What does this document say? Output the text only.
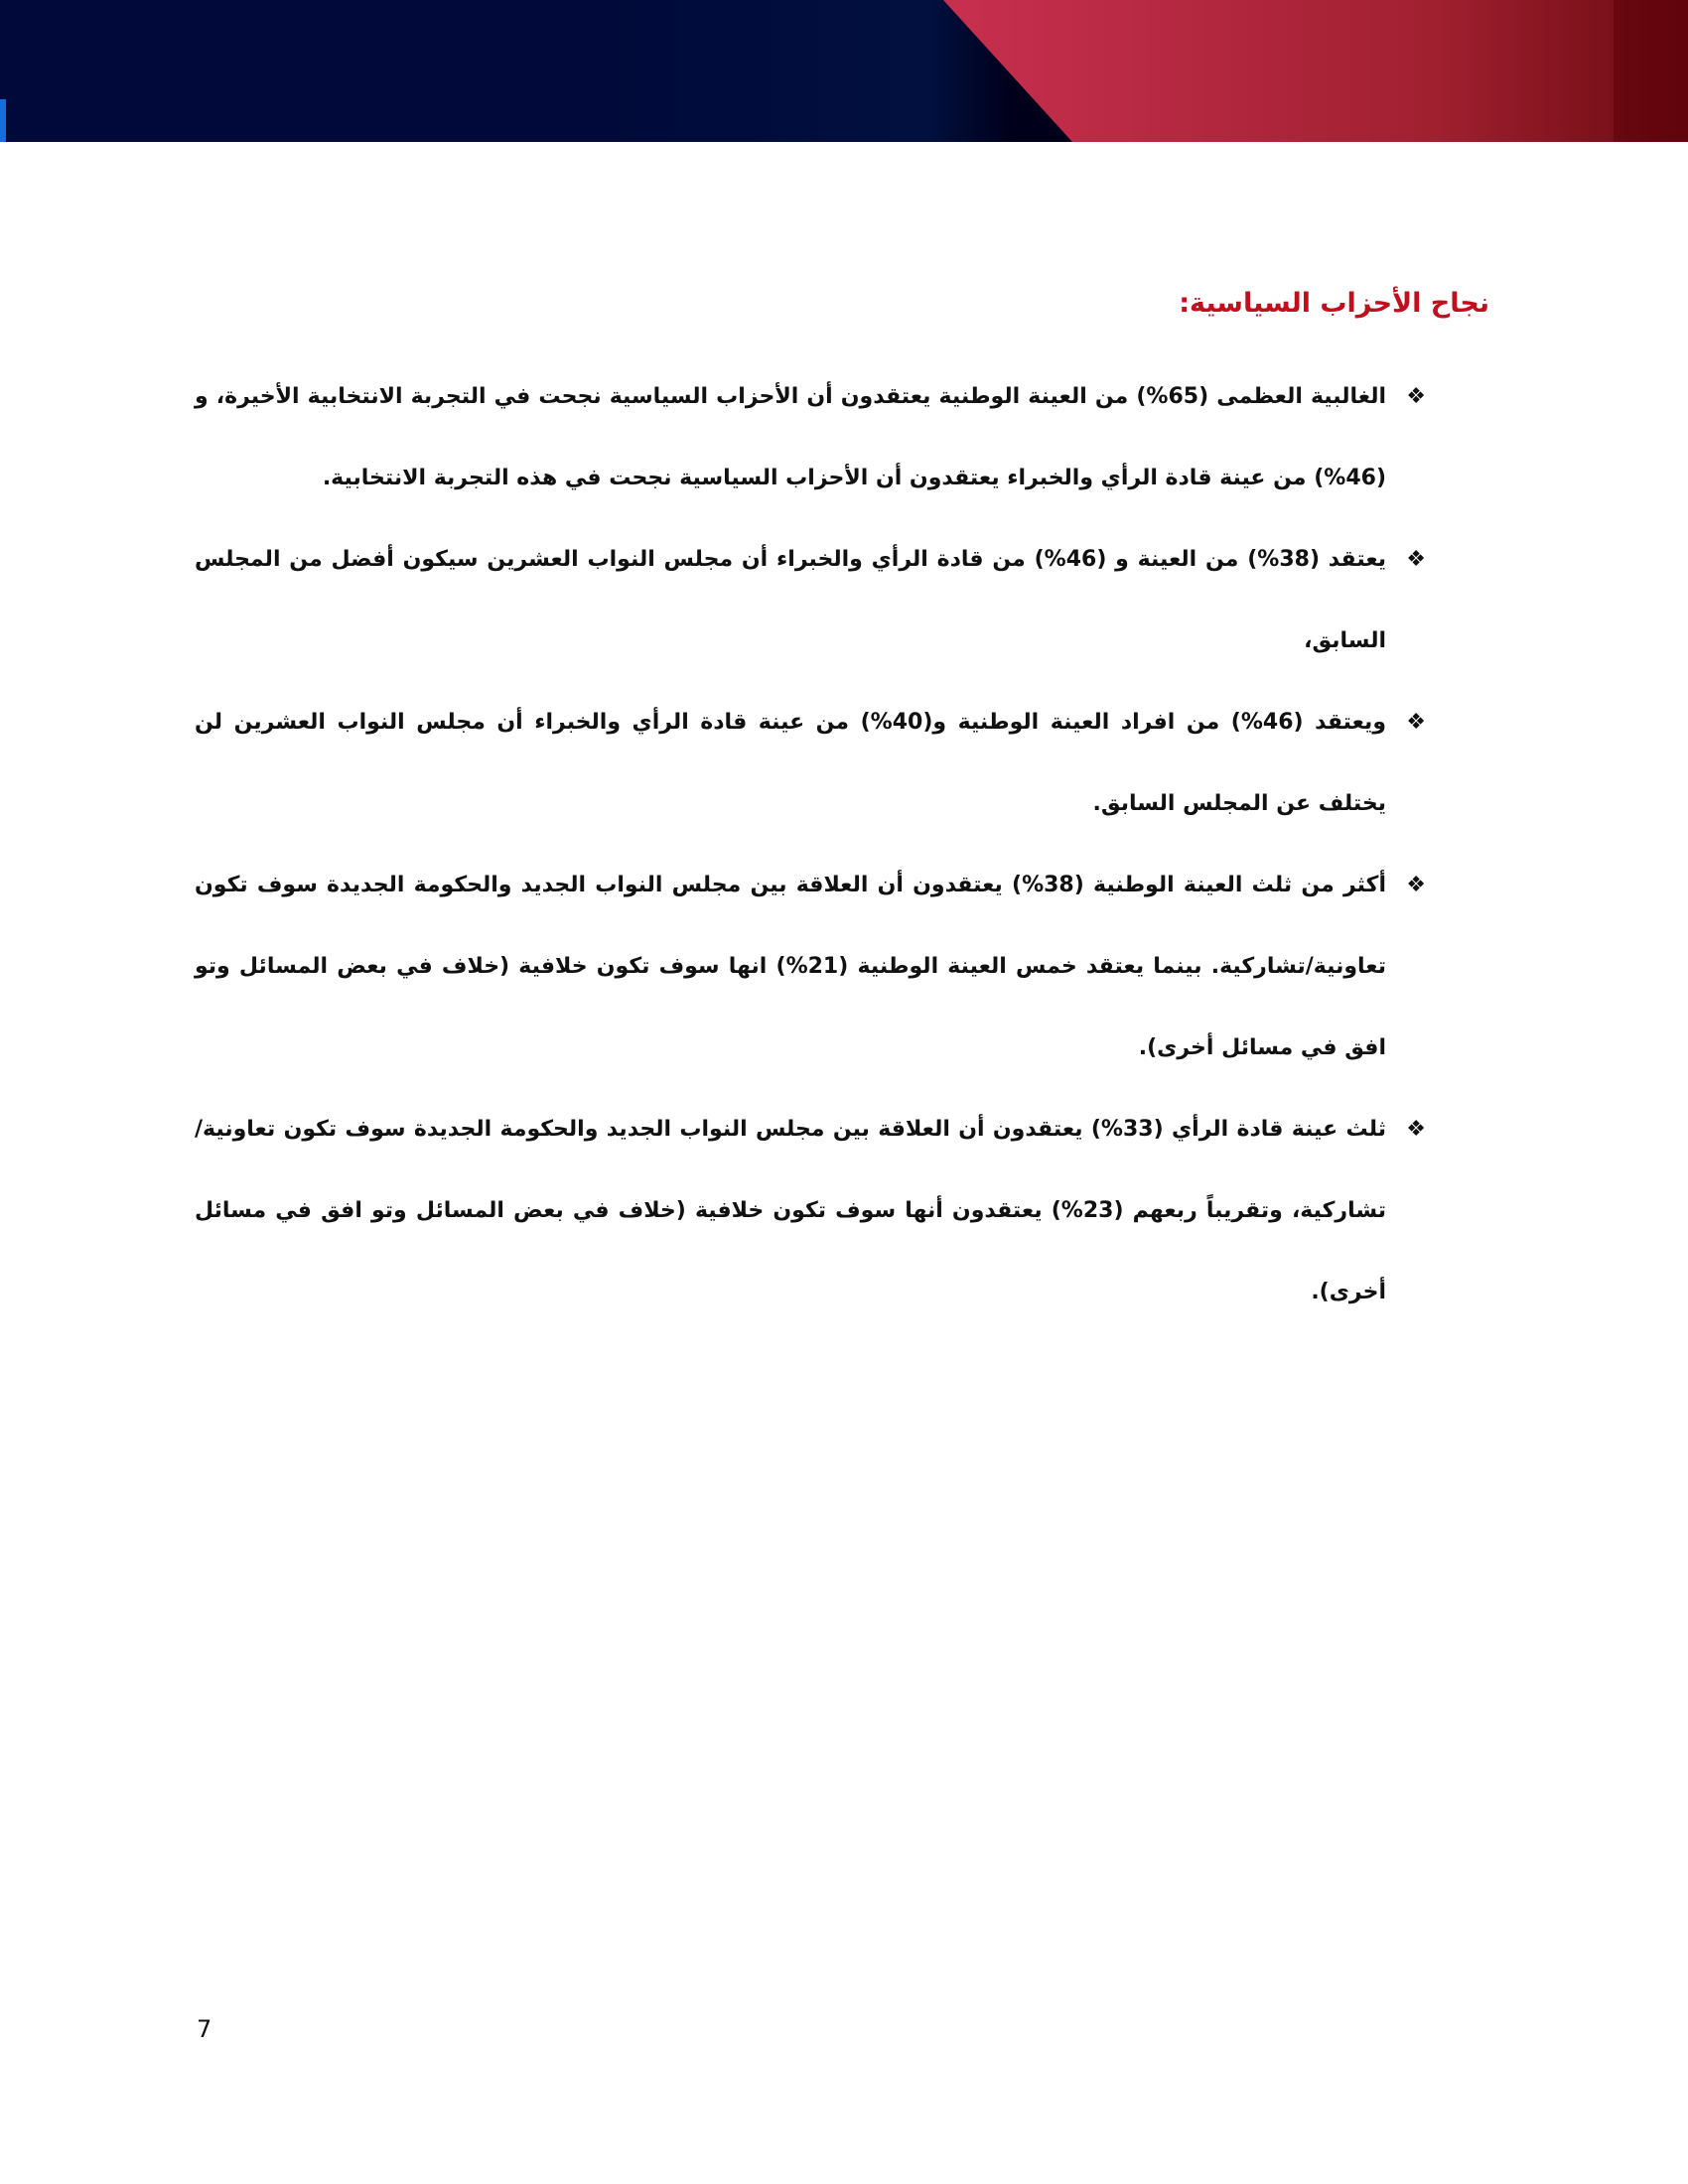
نجاح الأحزاب السياسية:

❖
الغالبية العظمى (65%) من العينة الوطنية يعتقدون أن الأحزاب السياسية نجحت في التجربة الانتخابية الأخيرة، و (46%) من عينة قادة الرأي والخبراء يعتقدون أن الأحزاب السياسية نجحت في هذه التجربة الانتخابية.

❖
يعتقد (38%) من العينة و (46%) من قادة الرأي والخبراء أن مجلس النواب العشرين سيكون أفضل من المجلس السابق،

❖
ويعتقد (46%) من افراد العينة الوطنية و(40%) من عينة قادة الرأي والخبراء أن مجلس النواب العشرين لن يختلف عن المجلس السابق.

❖
أكثر من ثلث العينة الوطنية (38%) يعتقدون أن العلاقة بين مجلس النواب الجديد والحكومة الجديدة سوف تكون تعاونية/تشاركية. بينما يعتقد خمس العينة الوطنية (21%) انها سوف تكون خلافية (خلاف في بعض المسائل وتو افق في مسائل أخرى).

❖
ثلث عينة قادة الرأي (33%) يعتقدون أن العلاقة بين مجلس النواب الجديد والحكومة الجديدة سوف تكون تعاونية/تشاركية، وتقريباً ربعهم (23%) يعتقدون أنها سوف تكون خلافية (خلاف في بعض المسائل وتو افق في مسائل أخرى).

7
